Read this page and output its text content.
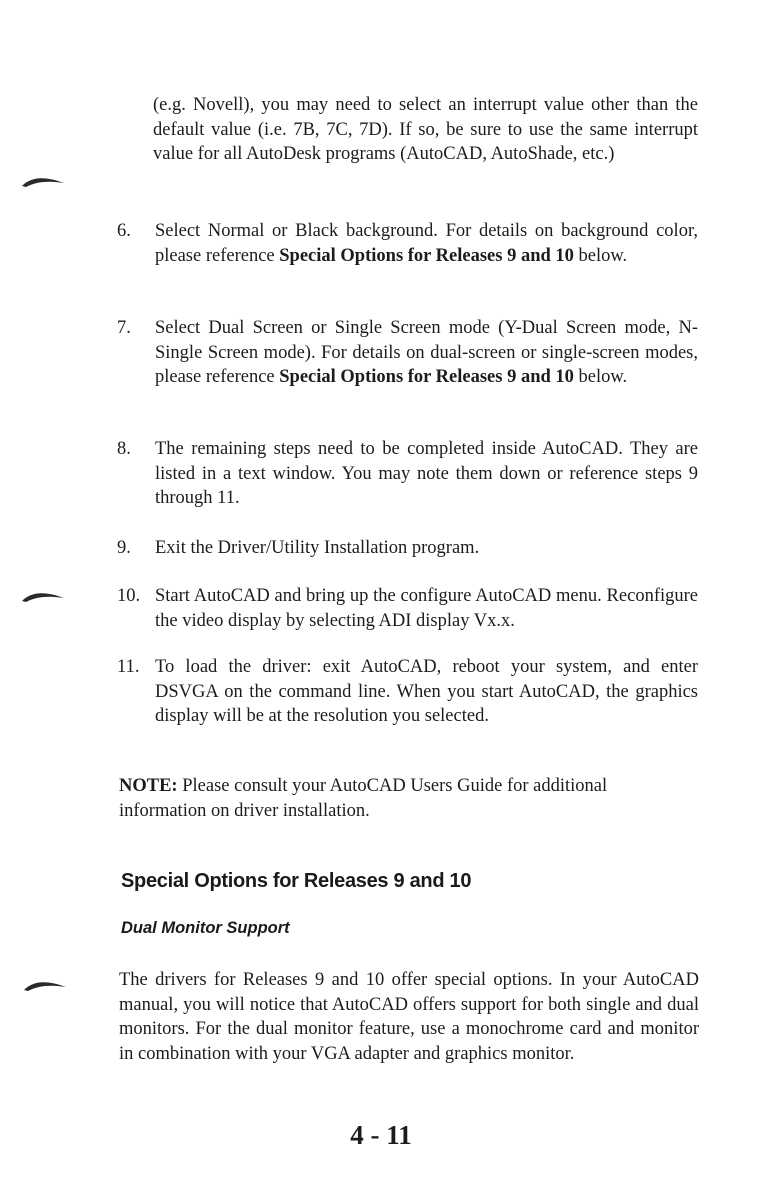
(e.g. Novell), you may need to select an interrupt value other than the default value (i.e. 7B, 7C, 7D). If so, be sure to use the same interrupt value for all AutoDesk programs (AutoCAD, AutoShade, etc.)

6.	Select Normal or Black background. For details on background color, please reference Special Options for Releases 9 and 10 below.

7.	Select Dual Screen or Single Screen mode (Y-Dual Screen mode, N-Single Screen mode). For details on dual-screen or single-screen modes, please reference Special Options for Releases 9 and 10 below.

8.	The remaining steps need to be completed inside AutoCAD. They are listed in a text window. You may note them down or reference steps 9 through 11.

9.	Exit the Driver/Utility Installation program.

10. Start AutoCAD and bring up the configure AutoCAD menu. Reconfigure the video display by selecting ADI display Vx.x.

11. To load the driver: exit AutoCAD, reboot your system, and enter DSVGA on the command line. When you start AutoCAD, the graphics display will be at the resolution you selected.

NOTE: Please consult your AutoCAD Users Guide for additional information on driver installation.

Special Options for Releases 9 and 10
Dual Monitor Support

The drivers for Releases 9 and 10 offer special options. In your AutoCAD manual, you will notice that AutoCAD offers support for both single and dual monitors. For the dual monitor feature, use a monochrome card and monitor in combination with your VGA adapter and graphics monitor.

4 - 11
